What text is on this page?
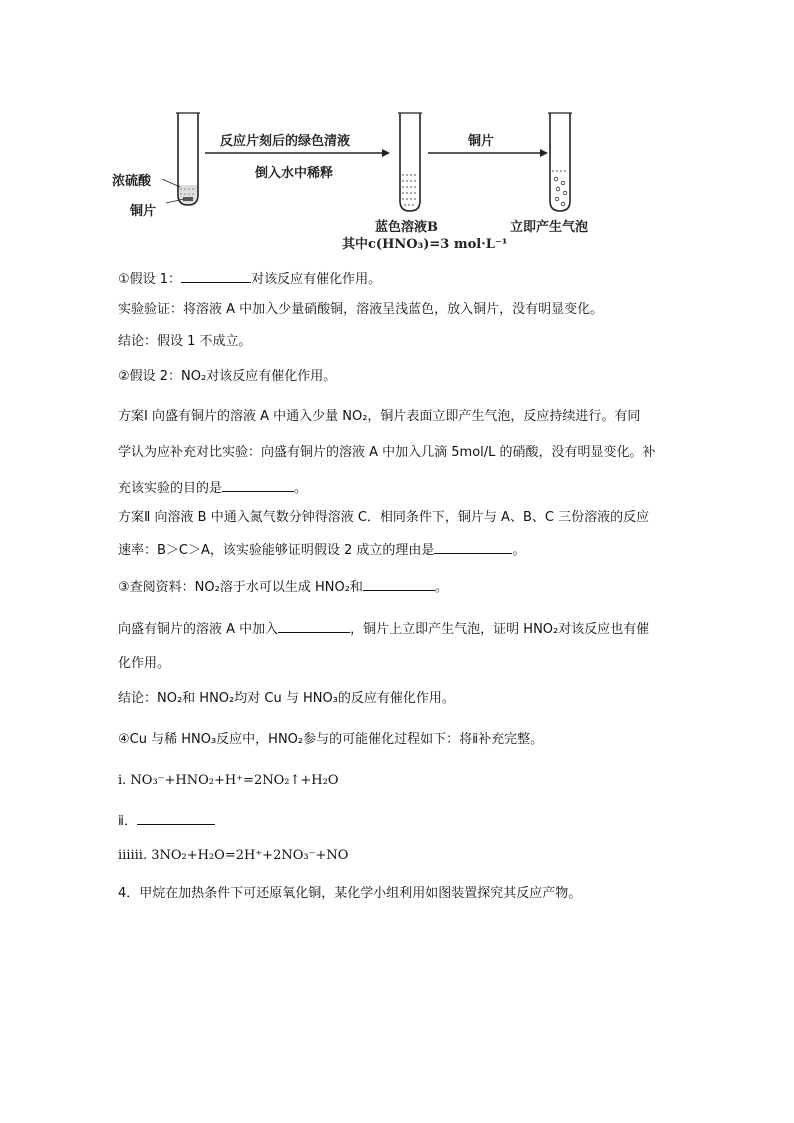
浓硫酸
铜片
反应片刻后的绿色清液
倒入水中稀释
蓝色溶液B
其中c(HNO₃)=3 mol·L⁻¹
铜片
立即产生气泡
①假设 1：	对该反应有催化作用。
实验验证：将溶液 A 中加入少量硝酸铜，溶液呈浅蓝色，放入铜片，没有明显变化。
结论：假设 1 不成立。
②假设 2：NO₂对该反应有催化作用。
方案Ⅰ 向盛有铜片的溶液 A 中通入少量 NO₂，铜片表面立即产生气泡，反应持续进行。有同
学认为应补充对比实验：向盛有铜片的溶液 A 中加入几滴 5mol/L 的硝酸，没有明显变化。补
充该实验的目的是	。
方案Ⅱ 向溶液 B 中通入氮气数分钟得溶液 C．相同条件下，铜片与 A、B、C 三份溶液的反应
速率：B＞C＞A，该实验能够证明假设 2 成立的理由是	。
③查阅资料：NO₂溶于水可以生成 HNO₂和	。
向盛有铜片的溶液 A 中加入	，铜片上立即产生气泡，证明 HNO₂对该反应也有催
化作用。
结论：NO₂和 HNO₂均对 Cu 与 HNO₃的反应有催化作用。
④Cu 与稀 HNO₃反应中，HNO₂参与的可能催化过程如下：将ⅱ补充完整。
i. NO₃⁻+HNO₂+H⁺=2NO₂↑+H₂O
ⅱ．
ⅲⅱi. 3NO₂+H₂O=2H⁺+2NO₃⁻+NO
4．甲烷在加热条件下可还原氧化铜，某化学小组利用如图装置探究其反应产物。
